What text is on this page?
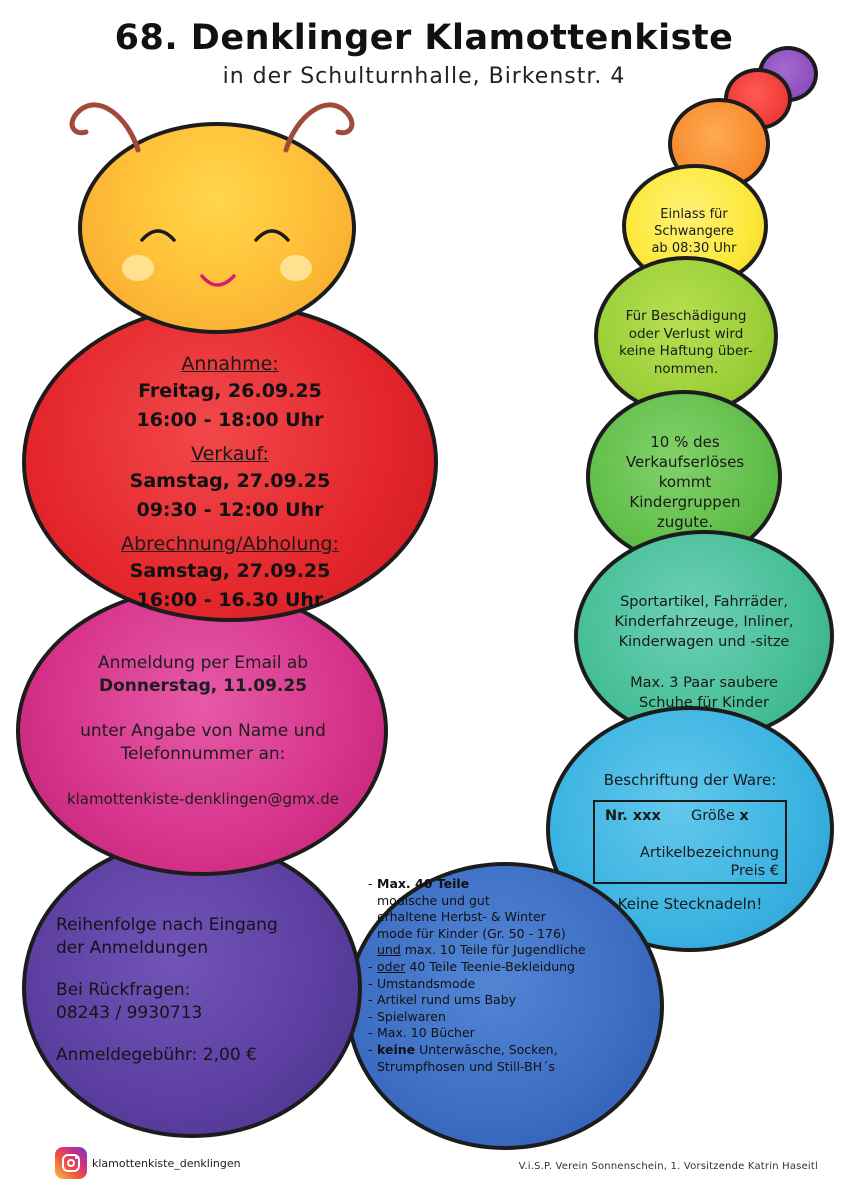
68. Denklinger Klamottenkiste
in der Schulturnhalle, Birkenstr. 4
Annahme:
Freitag, 26.09.25
16:00 - 18:00 Uhr
Verkauf:
Samstag, 27.09.25
09:30 - 12:00 Uhr
Abrechnung/Abholung:
Samstag, 27.09.25
16:00 - 16.30 Uhr
Anmeldung per Email ab
Donnerstag, 11.09.25
unter Angabe von Name und
Telefonnummer an:
klamottenkiste-denklingen@gmx.de
Reihenfolge nach Eingang
der Anmeldungen
Bei Rückfragen:
08243 / 9930713
Anmeldegebühr: 2,00 €
- Max. 40 Teile
modische und gut
erhaltene Herbst- & Winter
mode für Kinder (Gr. 50 - 176)
und max. 10 Teile für Jugendliche
- oder 40 Teile Teenie-Bekleidung
- Umstandsmode
- Artikel rund ums Baby
- Spielwaren
- Max. 10 Bücher
- keine Unterwäsche, Socken,
Strumpfhosen und Still-BH´s
Beschriftung der Ware:
Nr. xxx Größe x
Artikelbezeichnung
Preis €
Keine Stecknadeln!
Sportartikel, Fahrräder,
Kinderfahrzeuge, Inliner,
Kinderwagen und -sitze
Max. 3 Paar saubere
Schuhe für Kinder
10 % des
Verkaufserlöses
kommt
Kindergruppen
zugute.
Für Beschädigung
oder Verlust wird
keine Haftung über-
nommen.
Einlass für
Schwangere
ab 08:30 Uhr
klamottenkiste_denklingen	V.i.S.P. Verein Sonnenschein, 1. Vorsitzende Katrin Haseitl
